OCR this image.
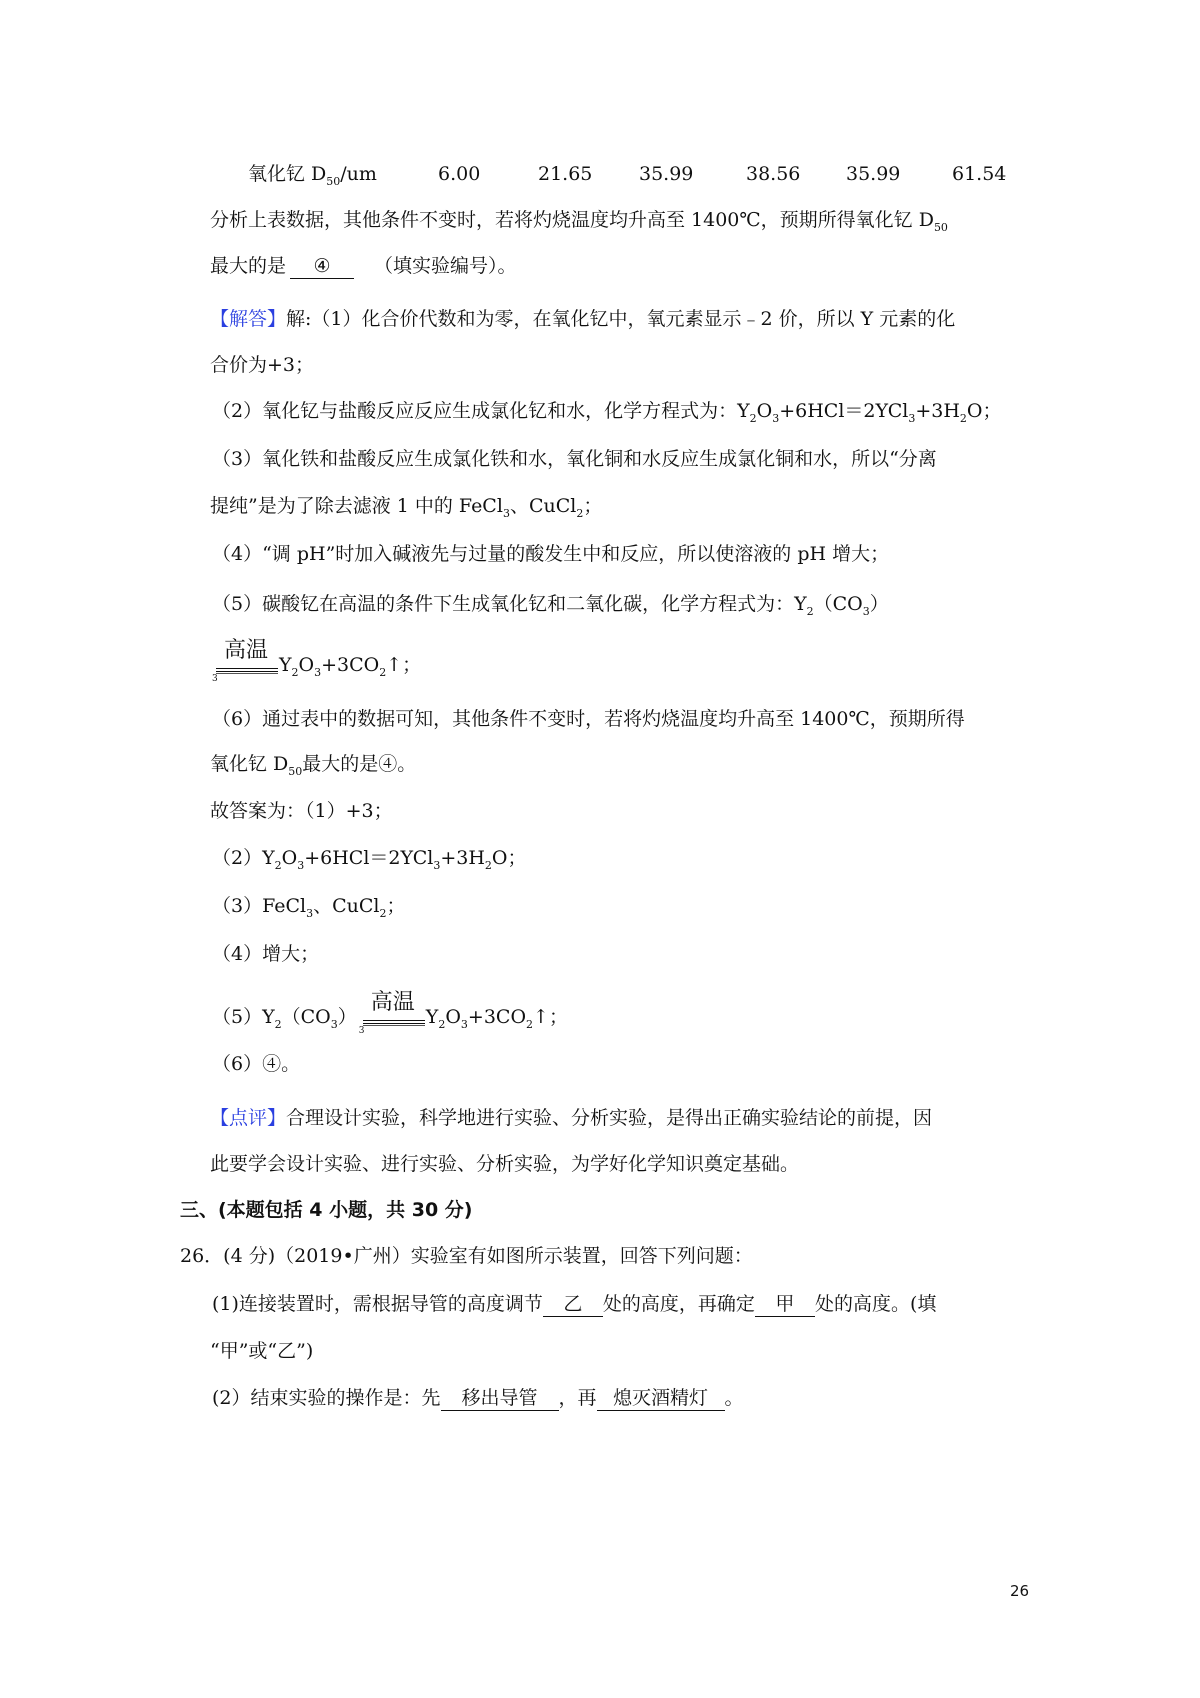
氧化钇 $D_{50}/um$	6.00	21.65 35.99	38.56 35.99	61.54
分析上表数据，其他条件不变时，若将灼烧温度均升高至 1400℃，预期所得氧化钇 $D_{50}$
最大的是 ④ （填实验编号）。
【解答】解:（1）化合价代数和为零，在氧化钇中，氧元素显示﹣2 价，所以 Y 元素的化
合价为+3；
（2）氧化钇与盐酸反应反应生成氯化钇和水，化学方程式为：$Y_2O_3+6HCl=2YCl_3+3H_2O$；
（3）氧化铁和盐酸反应生成氯化铁和水，氧化铜和水反应生成氯化铜和水，所以“分离
提纯”是为了除去滤液 1 中的 FeCl$_3$、CuCl$_2$；
（4）“调 pH”时加入碱液先与过量的酸发生中和反应，所以使溶液的 pH 增大；
（5）碳酸钇在高温的条件下生成氧化钇和二氧化碳，化学方程式为：$Y_2(CO_3)$
3
高温
$Y_2O_3+3CO_2↑$；
（6）通过表中的数据可知，其他条件不变时，若将灼烧温度均升高至 1400℃，预期所得
氧化钇 $D_{50}$最大的是④。
故答案为：（1）+3；
$(2)Y_2O_3+6HCl=2YCl_3+3H_2O$；
（3）FeCl$_3$、CuCl$_2$；
（4）增大；
$(5)Y_2(CO_3)$
3
高温
$Y_2O_3+3CO_2↑$；
（6）④。
【点评】合理设计实验，科学地进行实验、分析实验，是得出正确实验结论的前提，因
此要学会设计实验、进行实验、分析实验，为学好化学知识奠定基础。
三、(本题包括 4 小题，共 30 分)
26．(4 分)（2019•广州）实验室有如图所示装置，回答下列问题：
(1)连接装置时，需根据导管的高度调节 乙 处的高度，再确定 甲 处的高度。(填
“甲”或“乙”)
(2）结束实验的操作是：先 移出导管 ，再 熄灭酒精灯 。
26
